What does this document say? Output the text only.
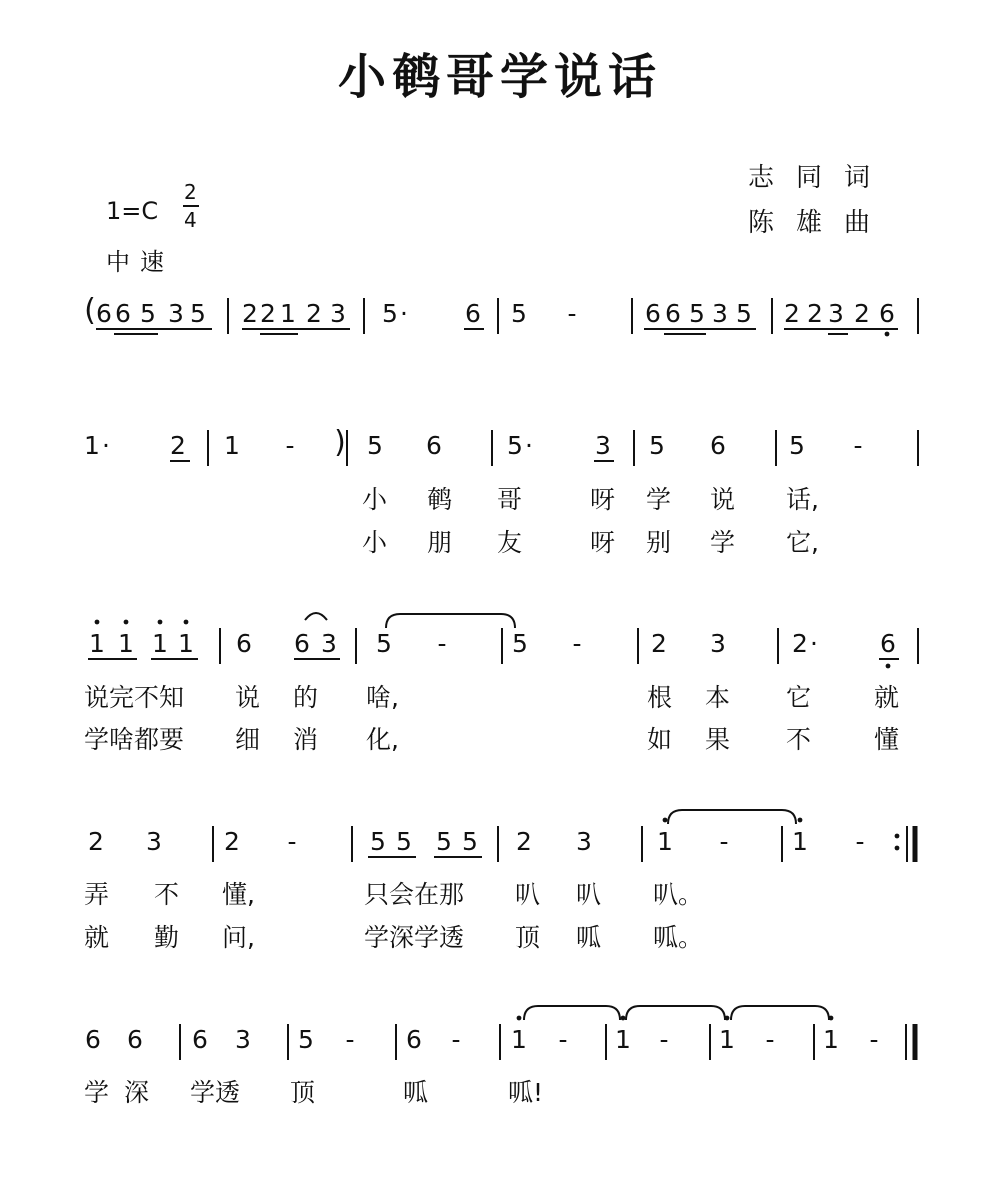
小鹌哥学说话
志同词
陈雄曲
1=C
2
4
中速
( 6 6 5 3 5 2 2 1 2 3 5 · 6 5 -	6 6 5 3 5 2 2 3 2 6
1 · 2 1 - ) 5 6	5 · 3 5 6	5 -
1 1 1 1 6 6 3 5 -	5 -	2 3	2 · 6
2 3 2 -	5 5 5 5 2 3	1 -	1 -
6 6 6 3 5 - 6 - 1 - 1 - 1 - 1 -
小 鹌 哥	呀 学 说 话,
小 朋 友	呀 别 学 它,
说完不知 说 的 啥,	根 本 它	就
学啥都要 细 消 化,	如 果 不	懂
弄 不 懂,	只会在那 叭 叭 叭。
就 勤 问,	学深学透 顶 呱 呱。
学 深 学透 顶	呱	呱!
